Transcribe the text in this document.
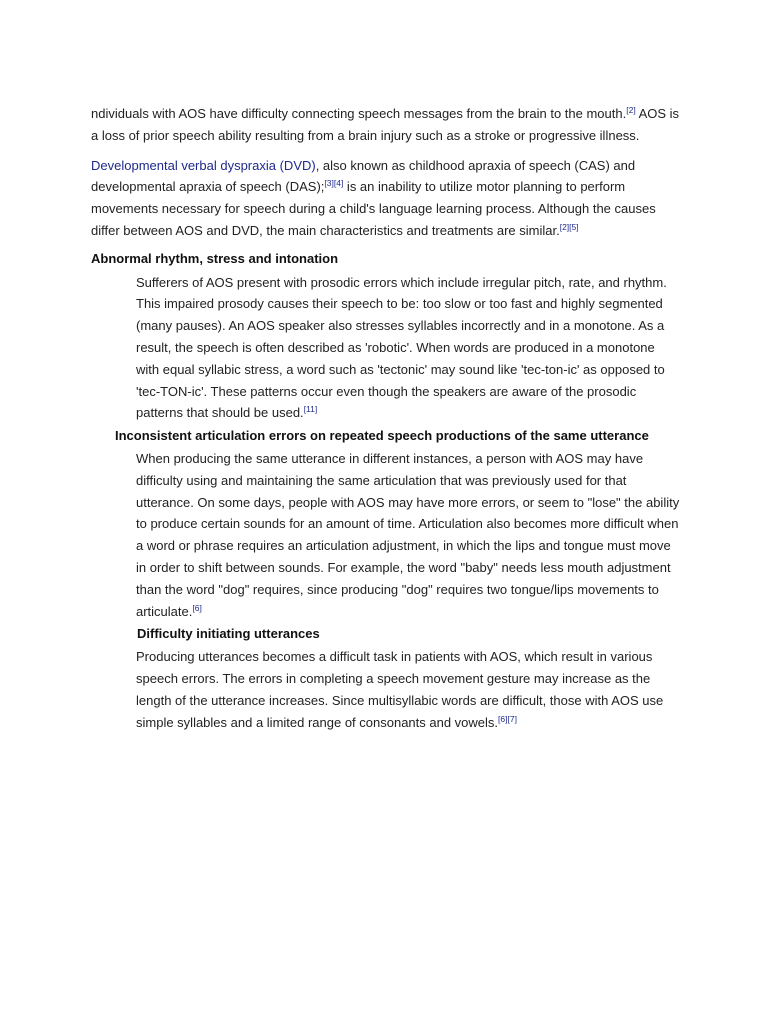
ndividuals with AOS have difficulty connecting speech messages from the brain to the mouth.[2] AOS is a loss of prior speech ability resulting from a brain injury such as a stroke or progressive illness.

Developmental verbal dyspraxia (DVD), also known as childhood apraxia of speech (CAS) and developmental apraxia of speech (DAS);[3][4] is an inability to utilize motor planning to perform movements necessary for speech during a child's language learning process. Although the causes differ between AOS and DVD, the main characteristics and treatments are similar.[2][5]

Abnormal rhythm, stress and intonation

Sufferers of AOS present with prosodic errors which include irregular pitch, rate, and rhythm. This impaired prosody causes their speech to be: too slow or too fast and highly segmented (many pauses). An AOS speaker also stresses syllables incorrectly and in a monotone. As a result, the speech is often described as 'robotic'. When words are produced in a monotone with equal syllabic stress, a word such as 'tectonic' may sound like 'tec-ton-ic' as opposed to 'tec-TON-ic'. These patterns occur even though the speakers are aware of the prosodic patterns that should be used.[11]

Inconsistent articulation errors on repeated speech productions of the same utterance

When producing the same utterance in different instances, a person with AOS may have difficulty using and maintaining the same articulation that was previously used for that utterance. On some days, people with AOS may have more errors, or seem to "lose" the ability to produce certain sounds for an amount of time. Articulation also becomes more difficult when a word or phrase requires an articulation adjustment, in which the lips and tongue must move in order to shift between sounds. For example, the word "baby" needs less mouth adjustment than the word "dog" requires, since producing "dog" requires two tongue/lips movements to articulate.[6]

Difficulty initiating utterances

Producing utterances becomes a difficult task in patients with AOS, which result in various speech errors. The errors in completing a speech movement gesture may increase as the length of the utterance increases. Since multisyllabic words are difficult, those with AOS use simple syllables and a limited range of consonants and vowels.[6][7]
